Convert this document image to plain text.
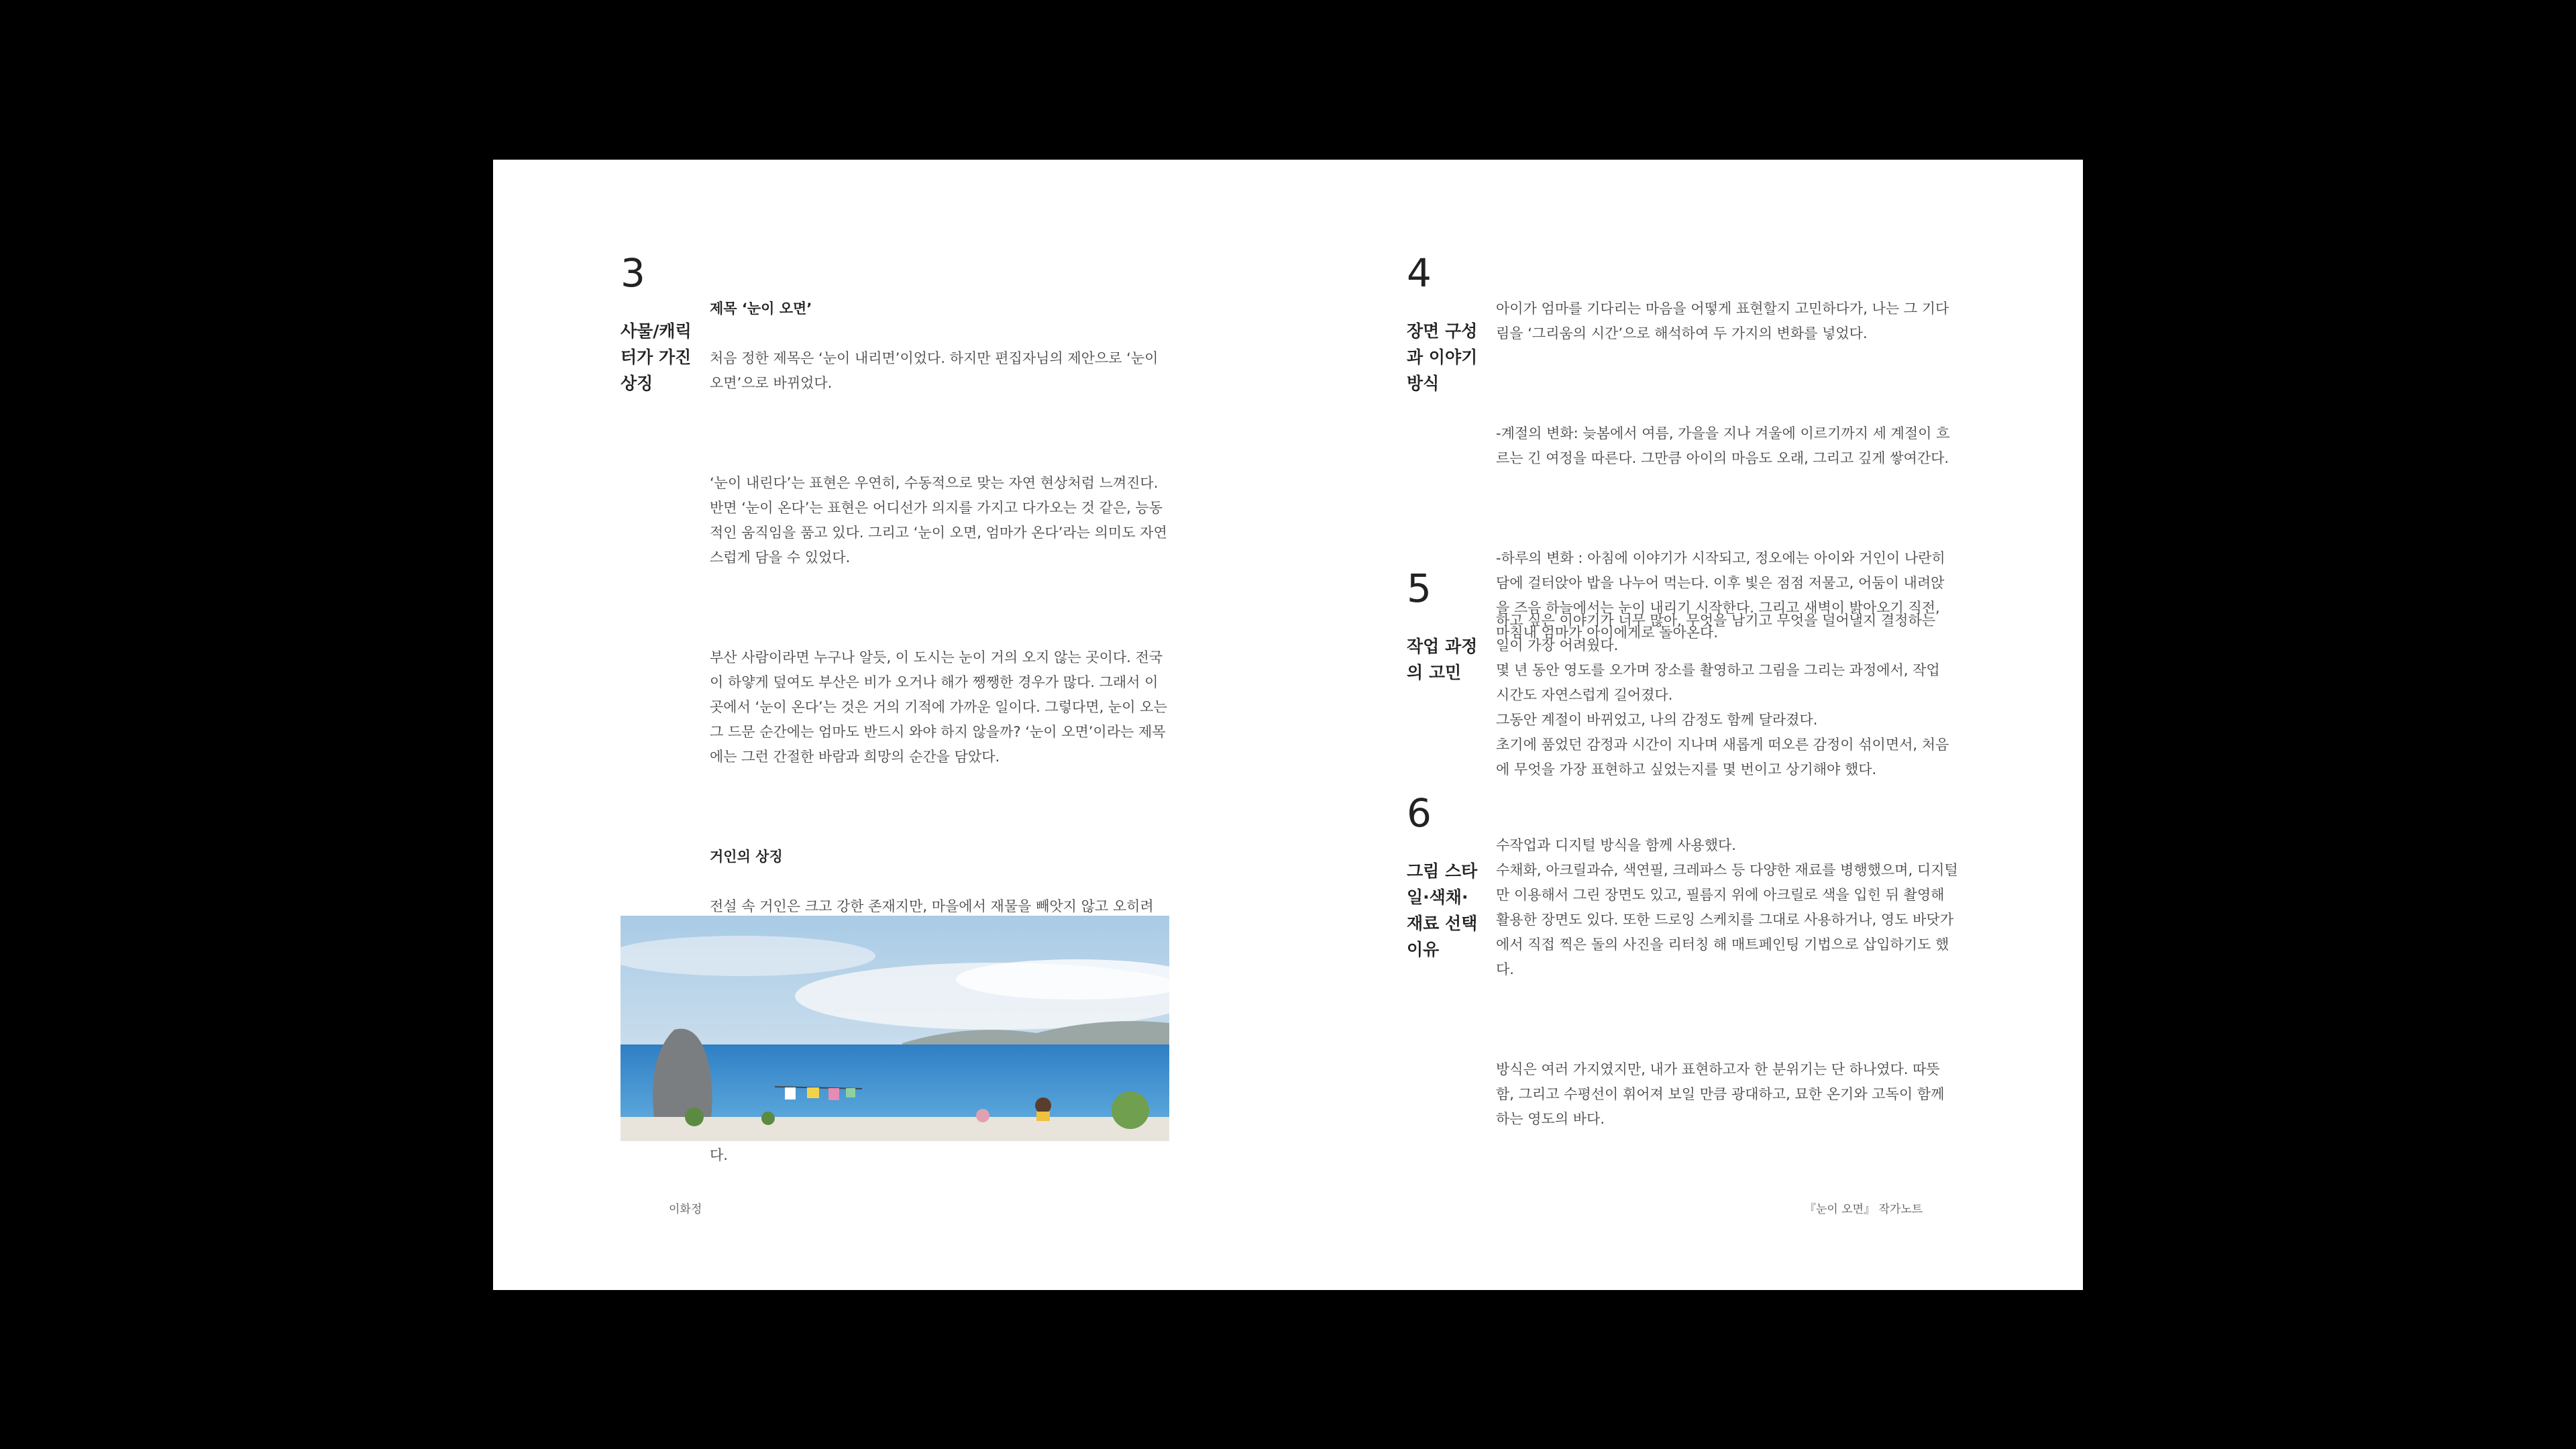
3
사물/캐릭
터가 가진
상징

제목 ‘눈이 오면’

처음 정한 제목은 ‘눈이 내리면’이었다. 하지만 편집자님의 제안으로 ‘눈이
오면’으로 바뀌었다.

‘눈이 내린다’는 표현은 우연히, 수동적으로 맞는 자연 현상처럼 느껴진다.
반면 ‘눈이 온다’는 표현은 어디선가 의지를 가지고 다가오는 것 같은, 능동
적인 움직임을 품고 있다. 그리고 ‘눈이 오면, 엄마가 온다’라는 의미도 자연
스럽게 담을 수 있었다.

부산 사람이라면 누구나 알듯, 이 도시는 눈이 거의 오지 않는 곳이다. 전국
이 하얗게 덮여도 부산은 비가 오거나 해가 쨍쨍한 경우가 많다. 그래서 이
곳에서 ‘눈이 온다’는 것은 거의 기적에 가까운 일이다. 그렇다면, 눈이 오는
그 드문 순간에는 엄마도 반드시 와야 하지 않을까? ‘눈이 오면’이라는 제목
에는 그런 간절한 바람과 희망의 순간을 담았다.

거인의 상징

전설 속 거인은 크고 강한 존재지만, 마을에서 재물을 빼앗지 않고 오히려

다.

이화정
4
장면 구성
과 이야기
방식

아이가 엄마를 기다리는 마음을 어떻게 표현할지 고민하다가, 나는 그 기다
림을 ‘그리움의 시간’으로 해석하여 두 가지의 변화를 넣었다.

-계절의 변화: 늦봄에서 여름, 가을을 지나 겨울에 이르기까지 세 계절이 흐
르는 긴 여정을 따른다. 그만큼 아이의 마음도 오래, 그리고 깊게 쌓여간다.

-하루의 변화 : 아침에 이야기가 시작되고, 정오에는 아이와 거인이 나란히
담에 걸터앉아 밥을 나누어 먹는다. 이후 빛은 점점 저물고, 어둠이 내려앉
을 즈음 하늘에서는 눈이 내리기 시작한다. 그리고 새벽이 밝아오기 직전,
마침내 엄마가 아이에게로 돌아온다.

5
작업 과정
의 고민

하고 싶은 이야기가 너무 많아, 무엇을 남기고 무엇을 덜어낼지 결정하는
일이 가장 어려웠다.
몇 년 동안 영도를 오가며 장소를 촬영하고 그림을 그리는 과정에서, 작업
시간도 자연스럽게 길어졌다.
그동안 계절이 바뀌었고, 나의 감정도 함께 달라졌다.
초기에 품었던 감정과 시간이 지나며 새롭게 떠오른 감정이 섞이면서, 처음
에 무엇을 가장 표현하고 싶었는지를 몇 번이고 상기해야 했다.

6
그림 스타
일·색채·
재료 선택
이유

수작업과 디지털 방식을 함께 사용했다.
수채화, 아크릴과슈, 색연필, 크레파스 등 다양한 재료를 병행했으며, 디지털
만 이용해서 그린 장면도 있고, 필름지 위에 아크릴로 색을 입힌 뒤 촬영해
활용한 장면도 있다. 또한 드로잉 스케치를 그대로 사용하거나, 영도 바닷가
에서 직접 찍은 돌의 사진을 리터칭 해 매트페인팅 기법으로 삽입하기도 했
다.

방식은 여러 가지였지만, 내가 표현하고자 한 분위기는 단 하나였다. 따뜻
함, 그리고 수평선이 휘어져 보일 만큼 광대하고, 묘한 온기와 고독이 함께
하는 영도의 바다.

『눈이 오면』 작가노트
